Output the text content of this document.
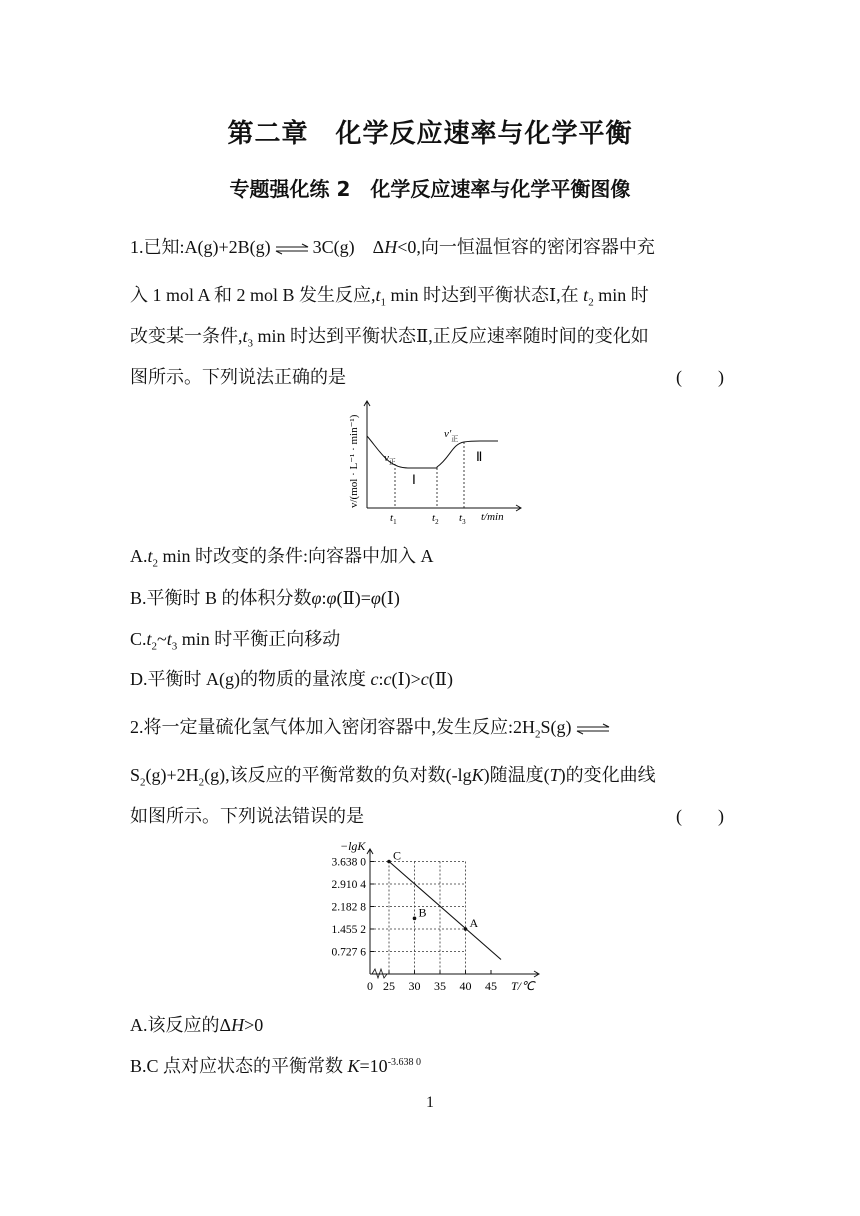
第二章　化学反应速率与化学平衡
专题强化练 2　化学反应速率与化学平衡图像
1.已知:A(g)+2B(g) ⇌ 3C(g)　ΔH<0,向一恒温恒容的密闭容器中充
入 1 mol A 和 2 mol B 发生反应$,t_1$ min 时达到平衡状态Ⅰ,在 $t_2$ min 时
改变某一条件$,t_3$ min 时达到平衡状态Ⅱ,正反应速率随时间的变化如
图所示。下列说法正确的是	(　　)
v/(mol · L⁻¹ · min⁻¹) $v_正$
$v'_正$
Ⅰ
Ⅱ
$t_1$	$t_2$ $t_3$ t/min
$A.t_2$ min 时改变的条件:向容器中加入 A
B.平衡时 B 的体积分数φ:φ(Ⅱ)=φ(Ⅰ)
$C.t_2\sim t_3$ min 时平衡正向移动
D.平衡时 A(g)的物质的量浓度 c:c(Ⅰ)>c(Ⅱ)
2.将一定量硫化氢气体加入密闭容器中,发生反应$:2H_2S(g)$ ⇌
$S_2(g)+2H_2(g)$,该反应的平衡常数的负对数(-lgK)随温度(T)的变化曲线
如图所示。下列说法错误的是	(　　)
−lgK
T/℃
3.638 0
2.910 4
2.182 8
1.455 2
0.727 6
0 25 30 35 40 45
C
B
A
A.该反应的ΔH>0
B.C 点对应状态的平衡常数 $K=10^{-3.638 0}$
1
